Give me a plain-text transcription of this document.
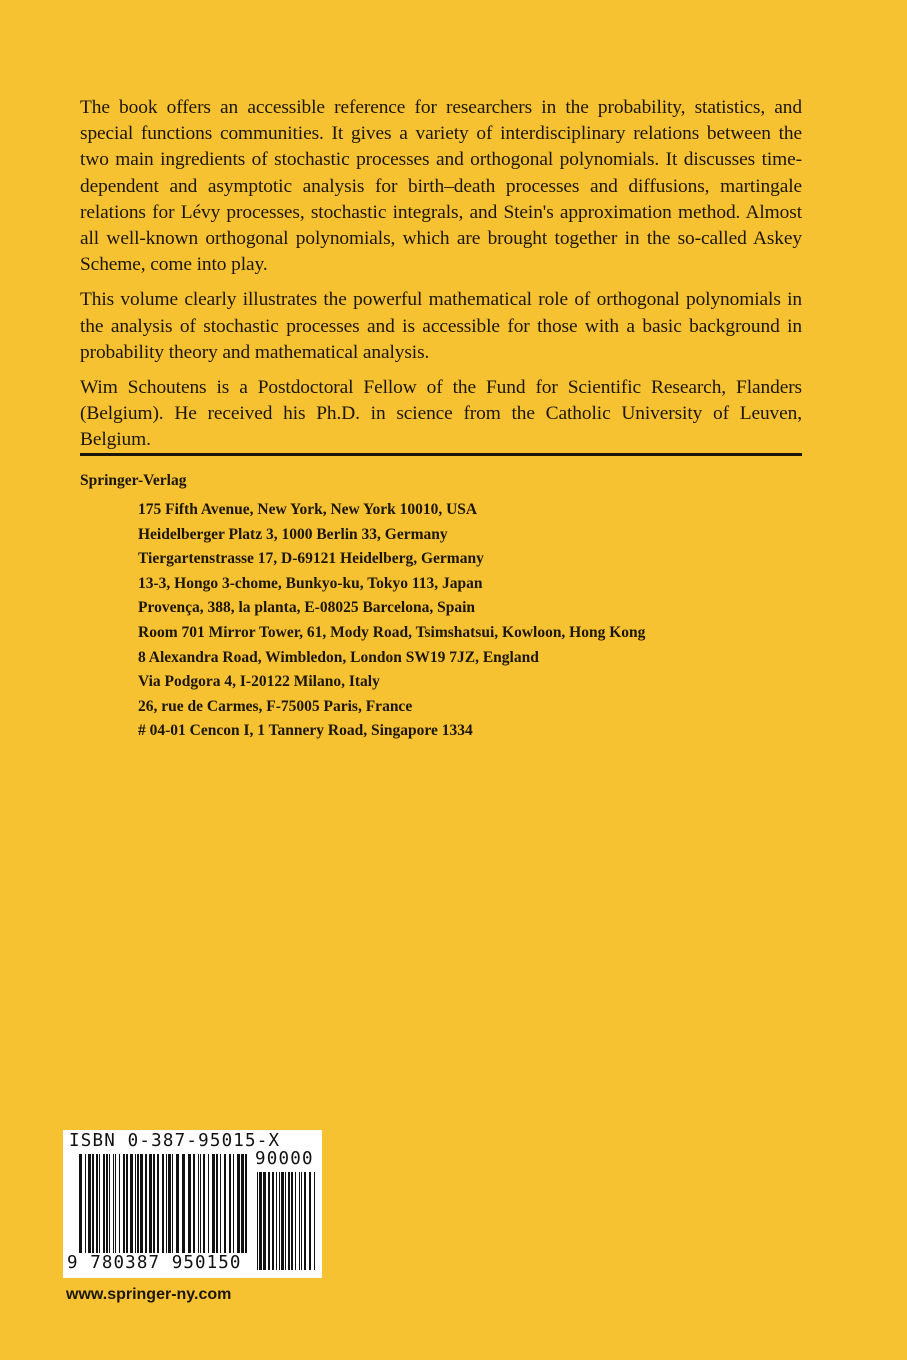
The book offers an accessible reference for researchers in the probability, statistics, and special functions communities. It gives a variety of interdisciplinary relations between the two main ingredients of stochastic processes and orthogonal polynomials. It discusses time-dependent and asymptotic analysis for birth–death processes and diffusions, martingale relations for Lévy processes, stochastic integrals, and Stein's approximation method. Almost all well-known orthogonal polynomials, which are brought together in the so-called Askey Scheme, come into play.

This volume clearly illustrates the powerful mathematical role of orthogonal polynomials in the analysis of stochastic processes and is accessible for those with a basic background in probability theory and mathematical analysis.

Wim Schoutens is a Postdoctoral Fellow of the Fund for Scientific Research, Flanders (Belgium). He received his Ph.D. in science from the Catholic University of Leuven, Belgium.

Springer-Verlag
175 Fifth Avenue, New York, New York 10010, USA
Heidelberger Platz 3, 1000 Berlin 33, Germany
Tiergartenstrasse 17, D-69121 Heidelberg, Germany
13-3, Hongo 3-chome, Bunkyo-ku, Tokyo 113, Japan
Provença, 388, la planta, E-08025 Barcelona, Spain
Room 701 Mirror Tower, 61, Mody Road, Tsimshatsui, Kowloon, Hong Kong
8 Alexandra Road, Wimbledon, London SW19 7JZ, England
Via Podgora 4, I-20122 Milano, Italy
26, rue de Carmes, F-75005 Paris, France
# 04-01 Cencon I, 1 Tannery Road, Singapore 1334
ISBN 0-387-95015-X
90000
9 780387 950150
www.springer-ny.com
